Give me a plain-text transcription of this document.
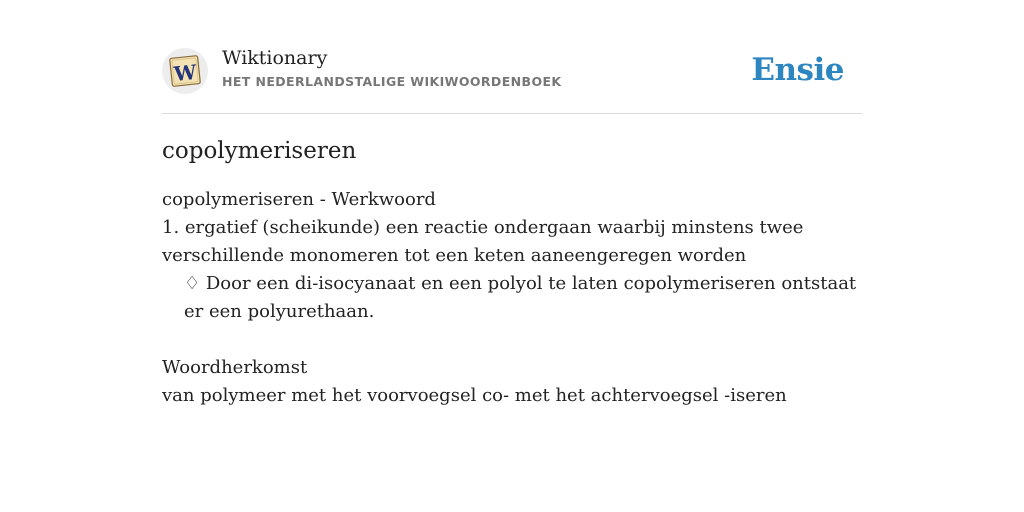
W
Wiktionary
HET NEDERLANDSTALIGE WIKIWOORDENBOEK	Ensie
copolymeriseren

copolymeriseren - Werkwoord

1. ergatief (scheikunde) een reactie ondergaan waarbij minstens twee verschillende monomeren tot een keten aaneengeregen worden

♢ Door een di-isocyanaat en een polyol te laten copolymeriseren ontstaat er een polyurethaan.

Woordherkomst

van polymeer met het voorvoegsel co- met het achtervoegsel -iseren
